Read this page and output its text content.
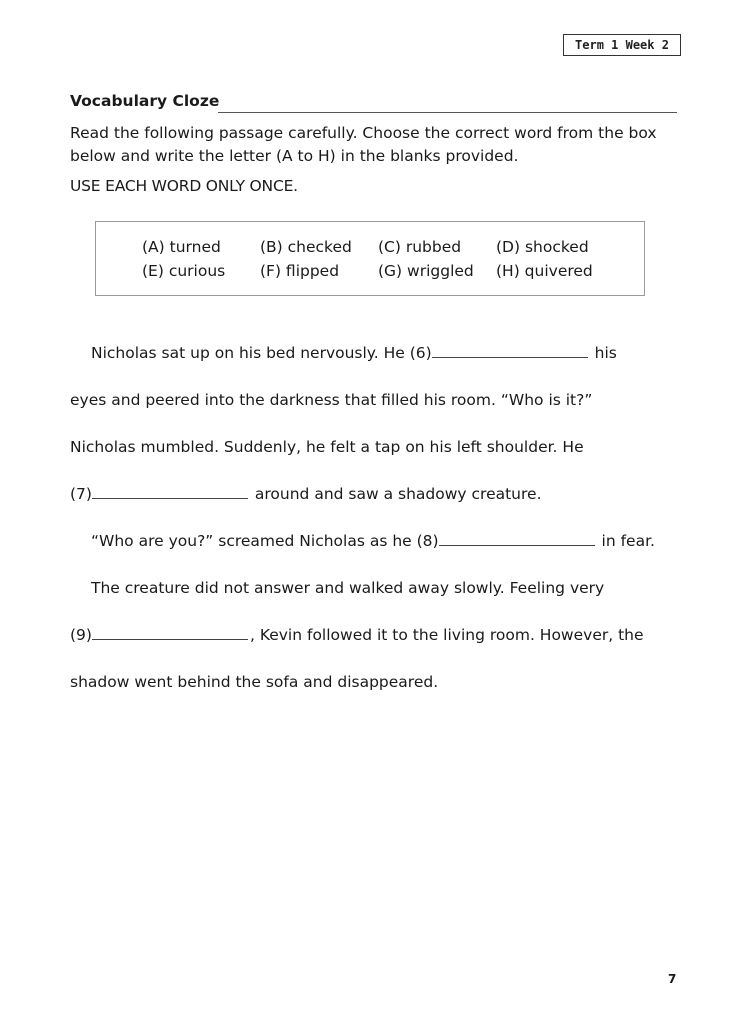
Term 1 Week 2
Vocabulary Cloze
Read the following passage carefully. Choose the correct word from the box below and write the letter (A to H) in the blanks provided.
USE EACH WORD ONLY ONCE.
(A) turned	(B) checked	(C) rubbed	(D) shocked
(E) curious	(F) flipped	(G) wriggled	(H) quivered
Nicholas sat up on his bed nervously. He (6)	his
eyes and peered into the darkness that filled his room. “Who is it?”
Nicholas mumbled. Suddenly, he felt a tap on his left shoulder. He
(7)	around and saw a shadowy creature.
“Who are you?” screamed Nicholas as he (8)	in fear.
The creature did not answer and walked away slowly. Feeling very
(9)	, Kevin followed it to the living room. However, the
shadow went behind the sofa and disappeared.
7
